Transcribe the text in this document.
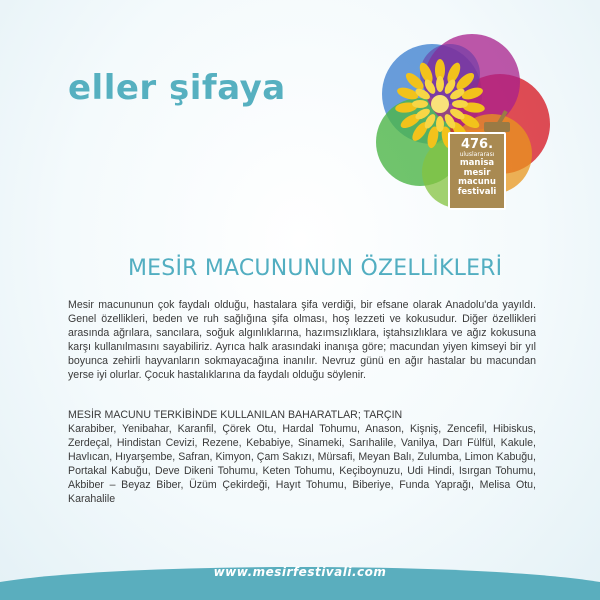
eller şifaya
476.
uluslararası
manisa
mesir
macunu
festivali
MESİR MACUNUNUN ÖZELLİKLERİ

Mesir macununun çok faydalı olduğu, hastalara şifa verdiği, bir efsane olarak Anadolu'da yayıldı. Genel özellikleri, beden ve ruh sağlığına şifa olması, hoş lezzeti ve kokusudur. Diğer özellikleri arasında ağrılara, sancılara, soğuk algınlıklarına, hazımsızlıklara, iştahsızlıklara ve ağız kokusuna karşı kullanılmasını sayabiliriz. Ayrıca halk arasındaki inanışa göre; macundan yiyen kimseyi bir yıl boyunca zehirli hayvanların sokmayacağına inanılır. Nevruz günü en ağır hastalar bu macundan yerse iyi olurlar. Çocuk hastalıklarına da faydalı olduğu söylenir.

MESİR MACUNU TERKİBİNDE KULLANILAN BAHARATLAR; TARÇIN

Karabiber, Yenibahar, Karanfil, Çörek Otu, Hardal Tohumu, Anason, Kişniş, Zencefil, Hibiskus, Zerdeçal, Hindistan Cevizi, Rezene, Kebabiye, Sinameki, Sarıhalile, Vanilya, Darı Fülfül, Kakule, Havlıcan, Hıyarşembe, Safran, Kimyon, Çam Sakızı, Mürsafi, Meyan Balı, Zulumba, Limon Kabuğu, Portakal Kabuğu, Deve Dikeni Tohumu, Keten Tohumu, Keçiboynuzu, Udi Hindi, Isırgan Tohumu, Akbiber – Beyaz Biber, Üzüm Çekirdeği, Hayıt Tohumu, Biberiye, Funda Yaprağı, Melisa Otu, Karahalile

www.mesirfestivali.com
